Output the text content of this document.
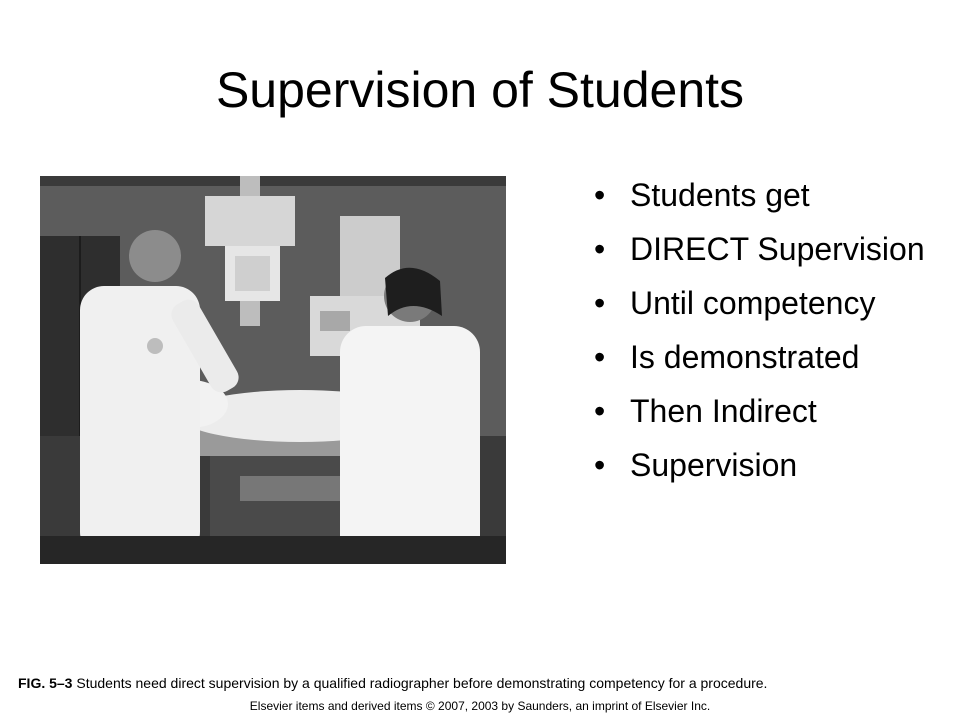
Supervision of Students
• Students get
• DIRECT Supervision
• Until competency
• Is demonstrated
• Then Indirect
• Supervision
FIG. 5–3 Students need direct supervision by a qualified radiographer before demonstrating competency for a procedure.
Elsevier items and derived items © 2007, 2003 by Saunders, an imprint of Elsevier Inc.
